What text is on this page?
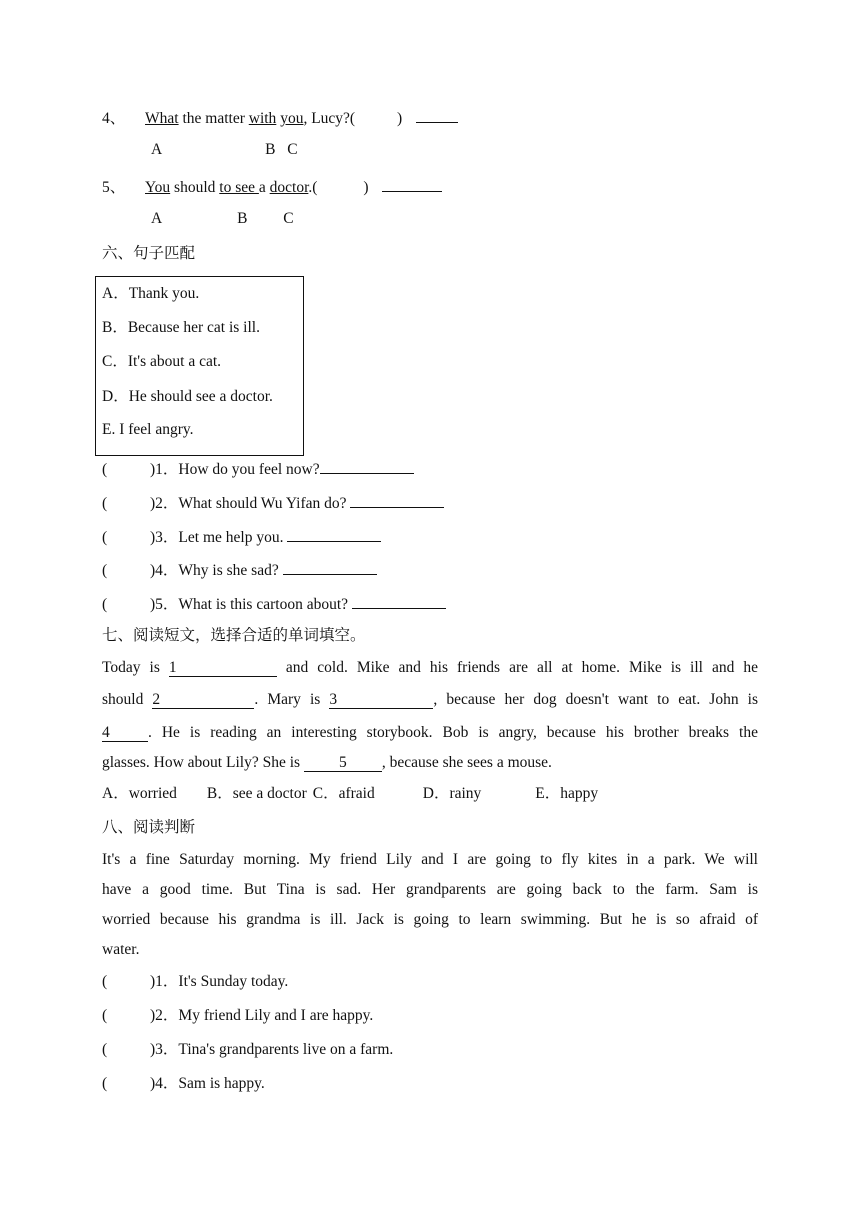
4、 What the matter with you, Lucy?(	)
A	B C
5、 You should to see a doctor.(	)
A	B C
六、句子匹配
A．Thank you.
B．Because her cat is ill.
C．It's about a cat.
D．He should see a doctor.
E. I feel angry.
(	)1．How do you feel now?
(	)2．What should Wu Yifan do?
(	)3．Let me help you.
(	)4．Why is she sad?
(	)5．What is this cartoon about?
七、阅读短文，选择合适的单词填空。
Today is 1	and cold. Mike and his friends are all at home. Mike is ill and he
should 2	. Mary is 3	, because her dog doesn't want to eat. John is
4 . He is reading an interesting storybook. Bob is angry, because his brother breaks the
glasses. How about Lily? She is 5 , because she sees a mouse.
A．worried B．see a doctor C．afraid	D．rainy	E．happy
八、阅读判断
It's a fine Saturday morning. My friend Lily and I are going to fly kites in a park. We will
have a good time. But Tina is sad. Her grandparents are going back to the farm. Sam is
worried because his grandma is ill. Jack is going to learn swimming. But he is so afraid of
water.
(	)1．It's Sunday today.
(	)2．My friend Lily and I are happy.
(	)3．Tina's grandparents live on a farm.
(	)4．Sam is happy.
